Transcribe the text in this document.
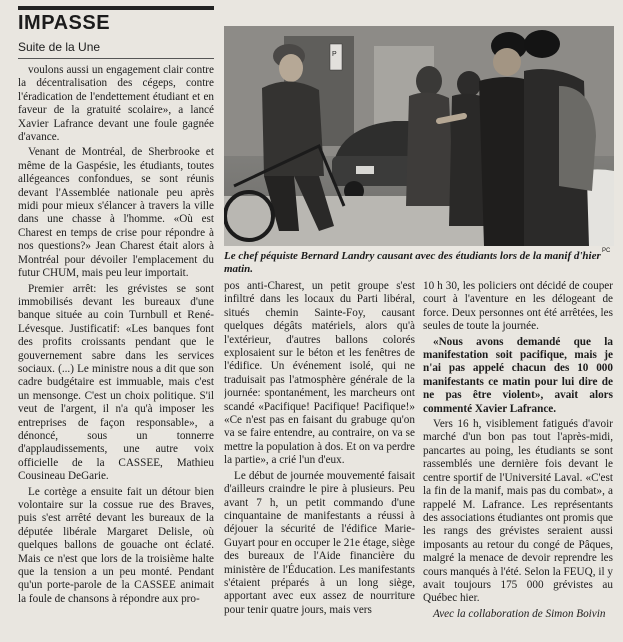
IMPASSE
Suite de la Une

voulons aussi un engagement clair contre la décentralisation des cégeps, contre l'éradication de l'endettement étudiant et en faveur de la gratuité scolaire», a lancé Xavier Lafrance devant une foule gagnée d'avance.

Venant de Montréal, de Sherbrooke et même de la Gaspésie, les étudiants, toutes allégeances confondues, se sont réunis devant l'Assemblée nationale peu après midi pour mieux s'élancer à travers la ville dans une chasse à l'homme. «Où est Charest en temps de crise pour répondre à nos questions?» Jean Charest était alors à Montréal pour dévoiler l'emplacement du futur CHUM, mais peu leur importait.

Premier arrêt: les grévistes se sont immobilisés devant les bureaux d'une banque située au coin Turnbull et René-Lévesque. Justificatif: «Les banques font des profits croissants pendant que le gouvernement sabre dans les services sociaux. (...) Le ministre nous a dit que son cadre budgétaire est immuable, mais c'est un mensonge. C'est un choix politique. S'il veut de l'argent, il n'a qu'à imposer les entreprises de façon responsable», a dénoncé, sous un tonnerre d'applaudissements, une autre voix officielle de la CASSEE, Mathieu Cousineau DeGarie.

Le cortège a ensuite fait un détour bien volontaire sur la cossue rue des Braves, puis s'est arrêté devant les bureaux de la députée libérale Margaret Delisle, où quelques ballons de gouache ont éclaté. Mais ce n'est que lors de la troisième halte que la tension a un peu monté. Pendant qu'un porte-parole de la CASSEE animait la foule de chansons à répondre aux pro-

P
PC
Le chef péquiste Bernard Landry causant avec des étudiants lors de la manif d'hier matin.

pos anti-Charest, un petit groupe s'est infiltré dans les locaux du Parti libéral, situés chemin Sainte-Foy, causant quelques dégâts matériels, alors qu'à l'extérieur, d'autres ballons colorés explosaient sur le béton et les fenêtres de l'édifice. Un événement isolé, qui ne traduisait pas l'atmosphère générale de la journée: spontanément, les marcheurs ont scandé «Pacifique! Pacifique! Pacifique!» «Ce n'est pas en faisant du grabuge qu'on va se faire entendre, au contraire, on va se mettre la population à dos. Et on va perdre la partie», a crié l'un d'eux.

Le début de journée mouvementé faisait d'ailleurs craindre le pire à plusieurs. Peu avant 7 h, un petit commando d'une cinquantaine de manifestants a réussi à déjouer la sécurité de l'édifice Marie-Guyart pour en occuper le 21e étage, siège des bureaux de l'Aide financière du ministère de l'Éducation. Les manifestants s'étaient préparés à un long siège, apportant avec eux assez de nourriture pour tenir quatre jours, mais vers

10 h 30, les policiers ont décidé de couper court à l'aventure en les délogeant de force. Deux personnes ont été arrêtées, les seules de toute la journée.

«Nous avons demandé que la manifestation soit pacifique, mais je n'ai pas appelé chacun des 10 000 manifestants ce matin pour lui dire de ne pas être violent», avait alors commenté Xavier Lafrance.

Vers 16 h, visiblement fatigués d'avoir marché d'un bon pas tout l'après-midi, pancartes au poing, les étudiants se sont rassemblés une dernière fois devant le centre sportif de l'Université Laval. «C'est la fin de la manif, mais pas du combat», a rappelé M. Lafrance. Les représentants des associations étudiantes ont promis que les rangs des grévistes seraient aussi imposants au retour du congé de Pâques, malgré la menace de devoir reprendre les cours manqués à l'été. Selon la FEUQ, il y avait toujours 175 000 grévistes au Québec hier.

Avec la collaboration de Simon Boivin
